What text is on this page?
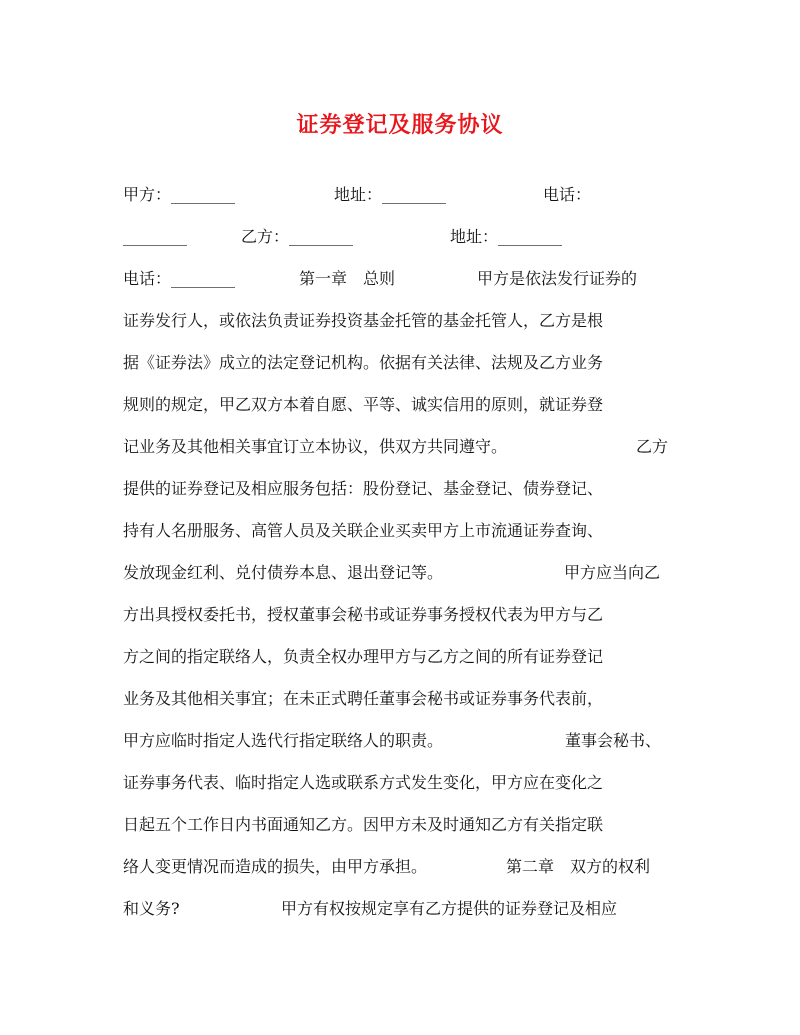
证券登记及服务协议

甲方：________

	地址：________

	电话：

________

	乙方：________

	地址：________

电话：________

	第一章　总则

	甲方是依法发行证券的

证券发行人，或依法负责证券投资基金托管的基金托管人，乙方是根

据《证券法》成立的法定登记机构。依据有关法律、法规及乙方业务

规则的规定，甲乙双方本着自愿、平等、诚实信用的原则，就证券登

记业务及其他相关事宜订立本协议，供双方共同遵守。

	乙方

提供的证券登记及相应服务包括：股份登记、基金登记、债券登记、

持有人名册服务、高管人员及关联企业买卖甲方上市流通证券查询、

发放现金红利、兑付债券本息、退出登记等。

	甲方应当向乙

方出具授权委托书，授权董事会秘书或证券事务授权代表为甲方与乙

方之间的指定联络人，负责全权办理甲方与乙方之间的所有证券登记

业务及其他相关事宜；在未正式聘任董事会秘书或证券事务代表前，

甲方应临时指定人选代行指定联络人的职责。

	董事会秘书、

证券事务代表、临时指定人选或联系方式发生变化，甲方应在变化之

日起五个工作日内书面通知乙方。因甲方未及时通知乙方有关指定联

络人变更情况而造成的损失，由甲方承担。

	第二章　双方的权利

和义务?

	甲方有权按规定享有乙方提供的证券登记及相应
